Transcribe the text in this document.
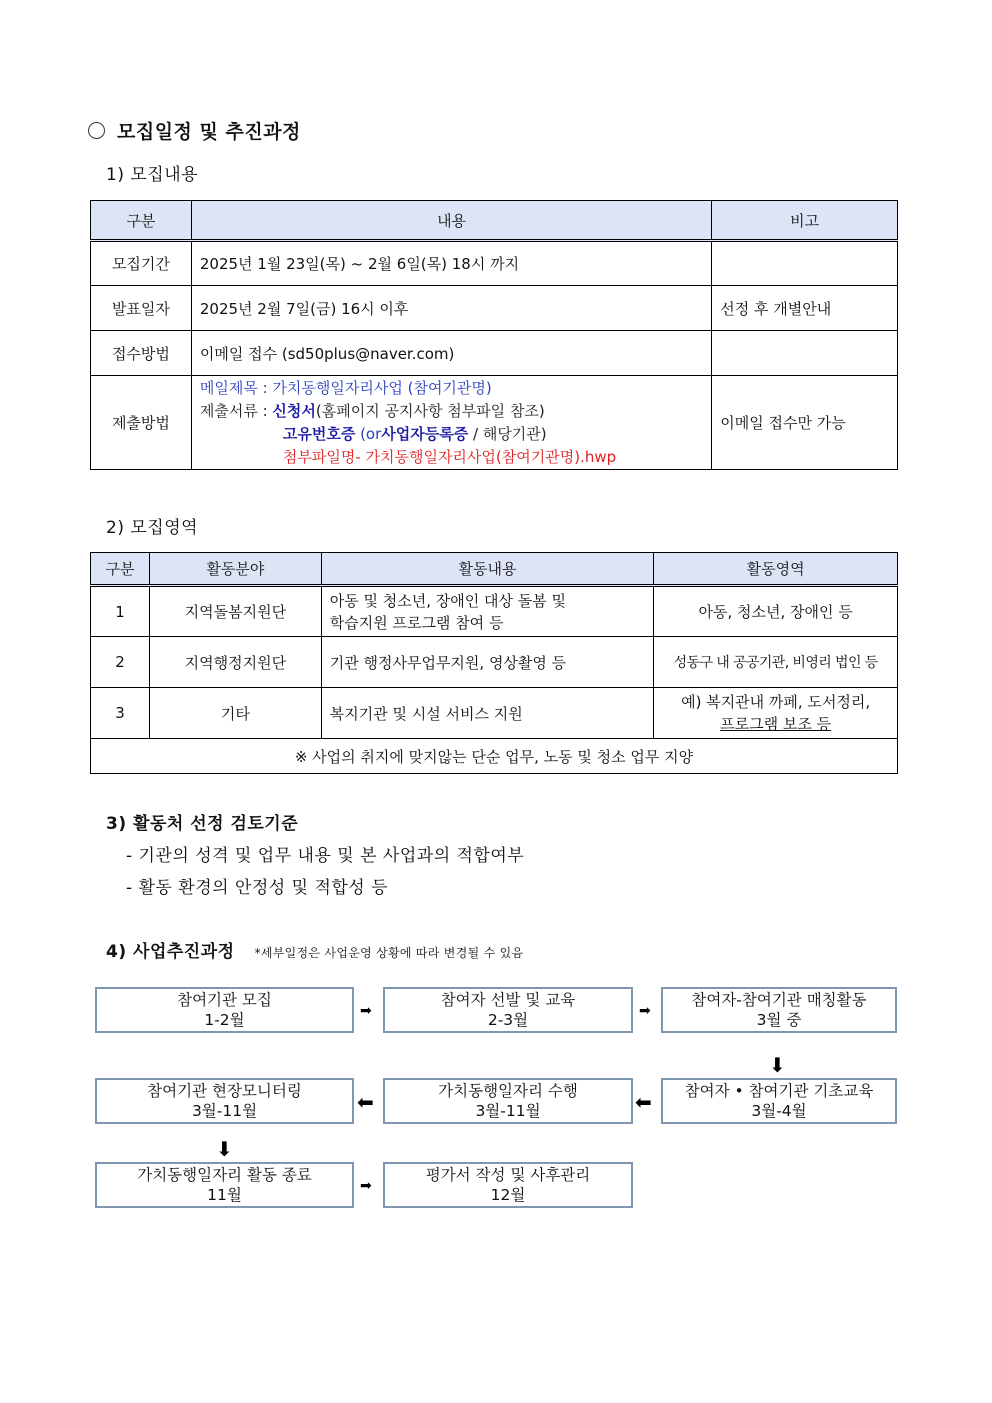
모집일정 및 추진과정
1) 모집내용
구분	내용	비고
모집기간	2025년 1월 23일(목) ~ 2월 6일(목) 18시 까지	
발표일자	2025년 2월 7일(금) 16시 이후	선정 후 개별안내
접수방법	이메일 접수 (sd50plus@naver.com)	
제출방법	메일제목 : 가치동행일자리사업 (참여기관명)
제출서류 : 신청서(홈페이지 공지사항 첨부파일 참조)
고유번호증 (or사업자등록증 / 해당기관)
첨부파일명- 가치동행일자리사업(참여기관명).hwp	이메일 접수만 가능
2) 모집영역
구분	활동분야	활동내용	활동영역
1	지역돌봄지원단	아동 및 청소년, 장애인 대상 돌봄 및
학습지원 프로그램 참여 등	아동, 청소년, 장애인 등
2	지역행정지원단	기관 행정사무업무지원, 영상촬영 등	성동구 내 공공기관, 비영리 법인 등
3	기타	복지기관 및 시설 서비스 지원	예) 복지관내 까페, 도서정리,
프로그램 보조 등

※ 사업의 취지에 맞지않는 단순 업무, 노동 및 청소 업무 지양			
3) 활동처 선정 검토기준
- 기관의 성격 및 업무 내용 및 본 사업과의 적합여부
- 활동 환경의 안정성 및 적합성 등
4) 사업추진과정 *세부일정은 사업운영 상황에 따라 변경될 수 있음
참여기관 모집
1-2월	➡
참여자 선발 및 교육
2-3월	➡
참여자-참여기관 매칭활동
3월 중
⬇
참여기관 현장모니터링
3월-11월	⬅	가치동행일자리 수행
3월-11월	⬅	참여자 • 참여기관 기초교육
3월-4월
⬇
가치동행일자리 활동 종료
11월	➡
평가서 작성 및 사후관리
12월
